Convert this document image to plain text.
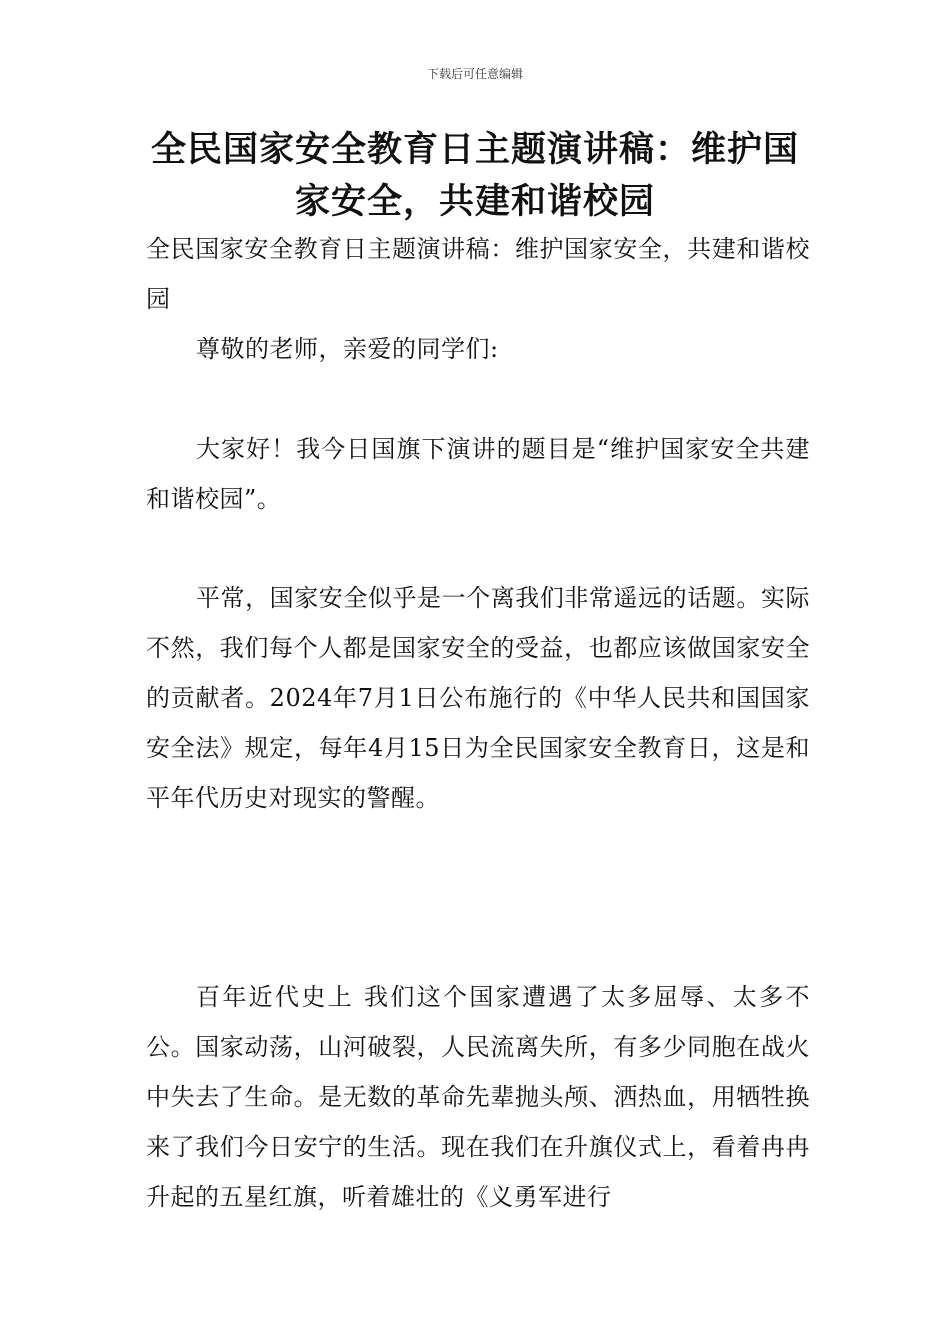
下载后可任意编辑
全民国家安全教育日主题演讲稿：维护国家安全，共建和谐校园

全民国家安全教育日主题演讲稿：维护国家安全，共建和谐校园

尊敬的老师，亲爱的同学们:

大家好！我今日国旗下演讲的题目是“维护国家安全共建和谐校园”。

平常，国家安全似乎是一个离我们非常遥远的话题。实际不然，我们每个人都是国家安全的受益，也都应该做国家安全的贡献者。2024年7月1日公布施行的《中华人民共和国国家安全法》规定，每年4月15日为全民国家安全教育日，这是和平年代历史对现实的警醒。

百年近代史上 我们这个国家遭遇了太多屈辱、太多不公。国家动荡，山河破裂，人民流离失所，有多少同胞在战火中失去了生命。是无数的革命先辈抛头颅、洒热血，用牺牲换来了我们今日安宁的生活。现在我们在升旗仪式上，看着冉冉升起的五星红旗，听着雄壮的《义勇军进行
